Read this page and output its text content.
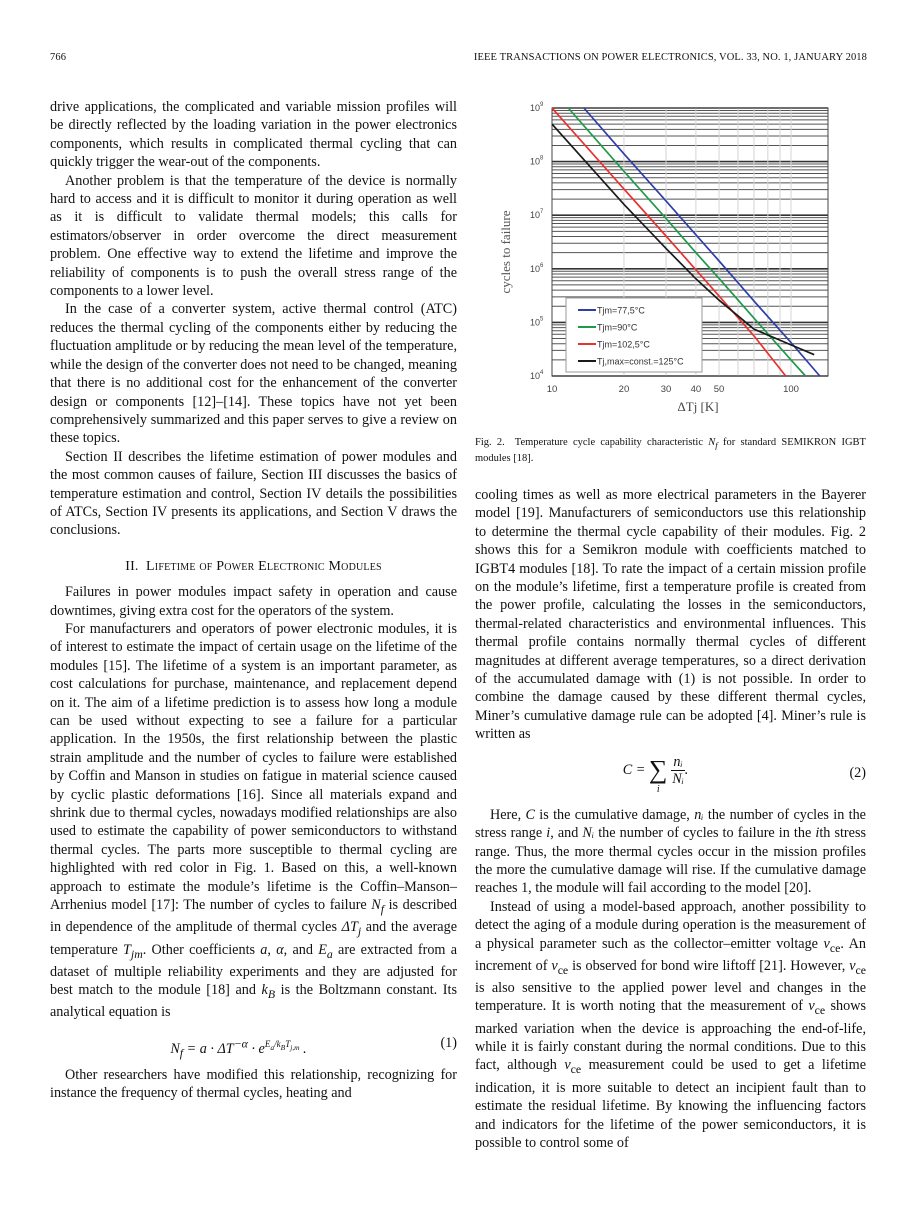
766	IEEE TRANSACTIONS ON POWER ELECTRONICS, VOL. 33, NO. 1, JANUARY 2018

drive applications, the complicated and variable mission profiles will be directly reflected by the loading variation in the power electronics components, which results in complicated thermal cycling that can quickly trigger the wear-out of the components.

Another problem is that the temperature of the device is normally hard to access and it is difficult to monitor it during operation as well as it is difficult to validate thermal models; this calls for estimators/observer in order overcome the direct measurement problem. One effective way to extend the lifetime and improve the reliability of components is to push the overall stress range of the components to a lower level.

In the case of a converter system, active thermal control (ATC) reduces the thermal cycling of the components either by reducing the fluctuation amplitude or by reducing the mean level of the temperature, while the design of the converter does not need to be changed, meaning that there is no additional cost for the enhancement of the converter design or components [12]–[14]. These topics have not yet been comprehensively summarized and this paper serves to give a review on these topics.

Section II describes the lifetime estimation of power modules and the most common causes of failure, Section III discusses the basics of temperature estimation and control, Section IV details the possibilities of ATCs, Section IV presents its applications, and Section V draws the conclusions.

II. Lifetime of Power Electronic Modules

Failures in power modules impact safety in operation and cause downtimes, giving extra cost for the operators of the system.

For manufacturers and operators of power electronic modules, it is of interest to estimate the impact of certain usage on the lifetime of the modules [15]. The lifetime of a system is an important parameter, as cost calculations for purchase, maintenance, and replacement depend on it. The aim of a lifetime prediction is to assess how long a module can be used without expecting to see a failure for a particular application. In the 1950s, the first relationship between the plastic strain amplitude and the number of cycles to failure were established by Coffin and Manson in studies on fatigue in material science caused by cyclic plastic deformations [16]. Since all materials expand and shrink due to thermal cycles, nowadays modified relationships are also used to estimate the capability of power semiconductors to withstand thermal cycles. The parts more susceptible to thermal cycling are highlighted with red color in Fig. 1. Based on this, a well-known approach to estimate the module’s lifetime is the Coffin–Manson–Arrhenius model [17]: The number of cycles to failure $N_f$ is described in dependence of the amplitude of thermal cycles $\Delta T_j$ and the average temperature $T_{jm}$. Other coefficients a, α, and $E_a$ are extracted from a dataset of multiple reliability experiments and they are adjusted for best match to the module [18] and $k_B$ is the Boltzmann constant. Its analytical equation is

$N_f = a \cdot \Delta T^{-\alpha} \cdot e^{E_a/k_BT_{j,m}}$ .	(1)

Other researchers have modified this relationship, recognizing for instance the frequency of thermal cycles, heating and

Tjm=77,5°C
Tjm=90°C
Tjm=102,5°C
Tj,max=const.=125°C
10 4
10 5
10 6
10 7
10 8
10 9
10	20	30 40 50	100
ΔTj [K]
cycles to failure
Fig. 2. Temperature cycle capability characteristic $N_f$ for standard SEMIKRON IGBT modules [18].

cooling times as well as more electrical parameters in the Bayerer model [19]. Manufacturers of semiconductors use this relationship to determine the thermal cycle capability of their modules. Fig. 2 shows this for a Semikron module with coefficients matched to IGBT4 modules [18]. To rate the impact of a certain mission profile on the module’s lifetime, first a temperature profile is created from the power profile, calculating the losses in the semiconductors, thermal-related characteristics and environmental influences. This thermal profile contains normally thermal cycles of different magnitudes at different average temperatures, so a direct derivation of the accumulated damage with (1) is not possible. In order to combine the damage caused by these different thermal cycles, Miner’s cumulative damage rule can be adopted [4]. Miner’s rule is written as

C = ∑
i
$\frac{\text{nᵢ}}{\text{Nᵢ}}$ .	(2)

Here, C is the cumulative damage, nᵢ the number of cycles in the stress range i, and Nᵢ the number of cycles to failure in the ith stress range. Thus, the more thermal cycles occur in the mission profiles the more the cumulative damage will rise. If the cumulative damage reaches 1, the module will fail according to the model [20].

Instead of using a model-based approach, another possibility to detect the aging of a module during operation is the measurement of a physical parameter such as the collector–emitter voltage $v_{ce}$. An increment of $v_{ce}$ is observed for bond wire liftoff [21]. However, $v_{ce}$ is also sensitive to the applied power level and changes in the temperature. It is worth noting that the measurement of $v_{ce}$ shows marked variation when the device is approaching the end-of-life, while it is fairly constant during the normal conditions. Due to this fact, although $v_{ce}$ measurement could be used to get a lifetime indication, it is more suitable to detect an incipient fault than to estimate the residual lifetime. By knowing the influencing factors and indicators for the lifetime of the power semiconductors, it is possible to control some of
